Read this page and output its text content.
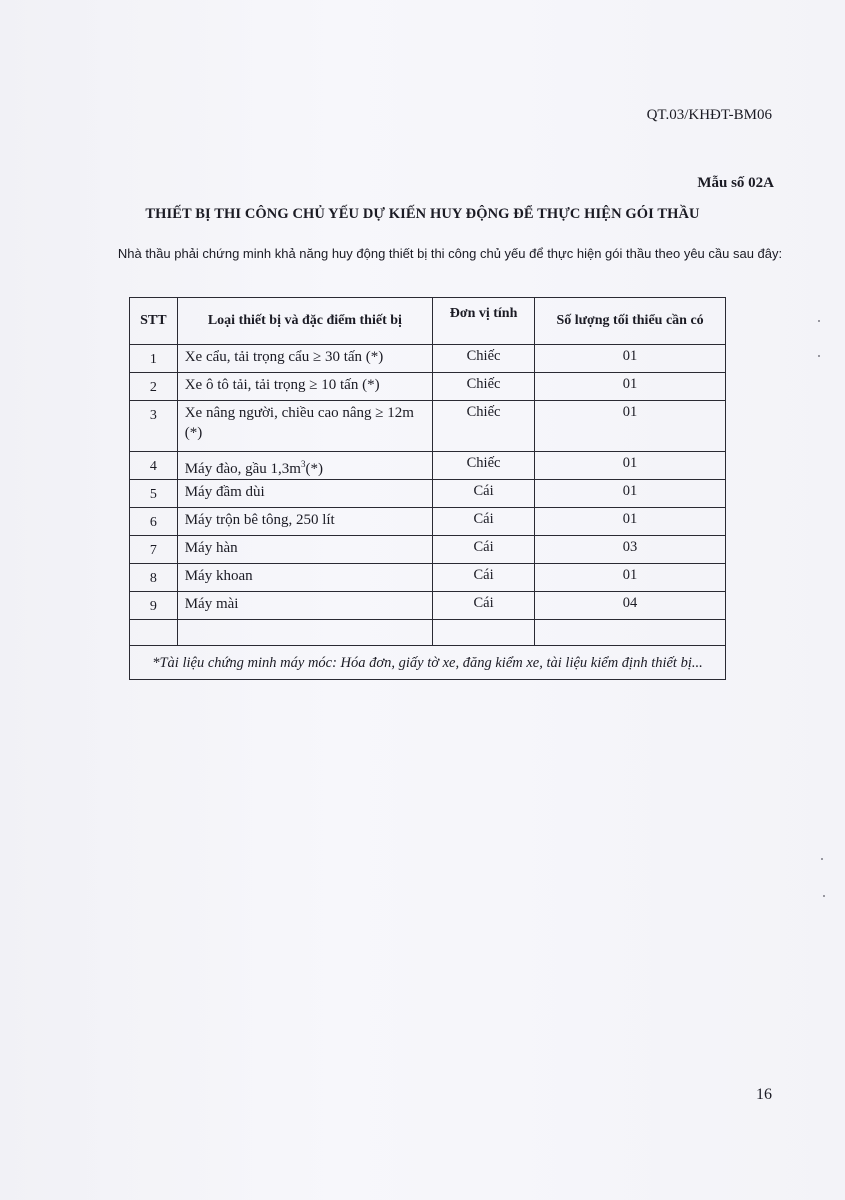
QT.03/KHĐT-BM06
Mẫu số 02A
THIẾT BỊ THI CÔNG CHỦ YẾU DỰ KIẾN HUY ĐỘNG ĐỂ THỰC HIỆN GÓI THẦU
Nhà thầu phải chứng minh khả năng huy động thiết bị thi công chủ yếu để thực hiện gói thầu theo yêu cầu sau đây:
STT	Loại thiết bị và đặc điểm thiết bị	Đơn vị tính	Số lượng tối thiểu cần có
1	Xe cẩu, tải trọng cẩu ≥ 30 tấn (*)	Chiếc	01
2	Xe ô tô tải, tải trọng ≥ 10 tấn (*)	Chiếc	01
3	Xe nâng người, chiều cao nâng ≥ 12m (*)	Chiếc	01
4	Máy đào, gầu $1,3m^3(*)$	Chiếc	01
5	Máy đầm dùi	Cái	01
6	Máy trộn bê tông, 250 lít	Cái	01
7	Máy hàn	Cái	03
8	Máy khoan	Cái	01
9	Máy mài	Cái	04

*Tài liệu chứng minh máy móc: Hóa đơn, giấy tờ xe, đăng kiểm xe, tài liệu kiểm định thiết bị...			
16
